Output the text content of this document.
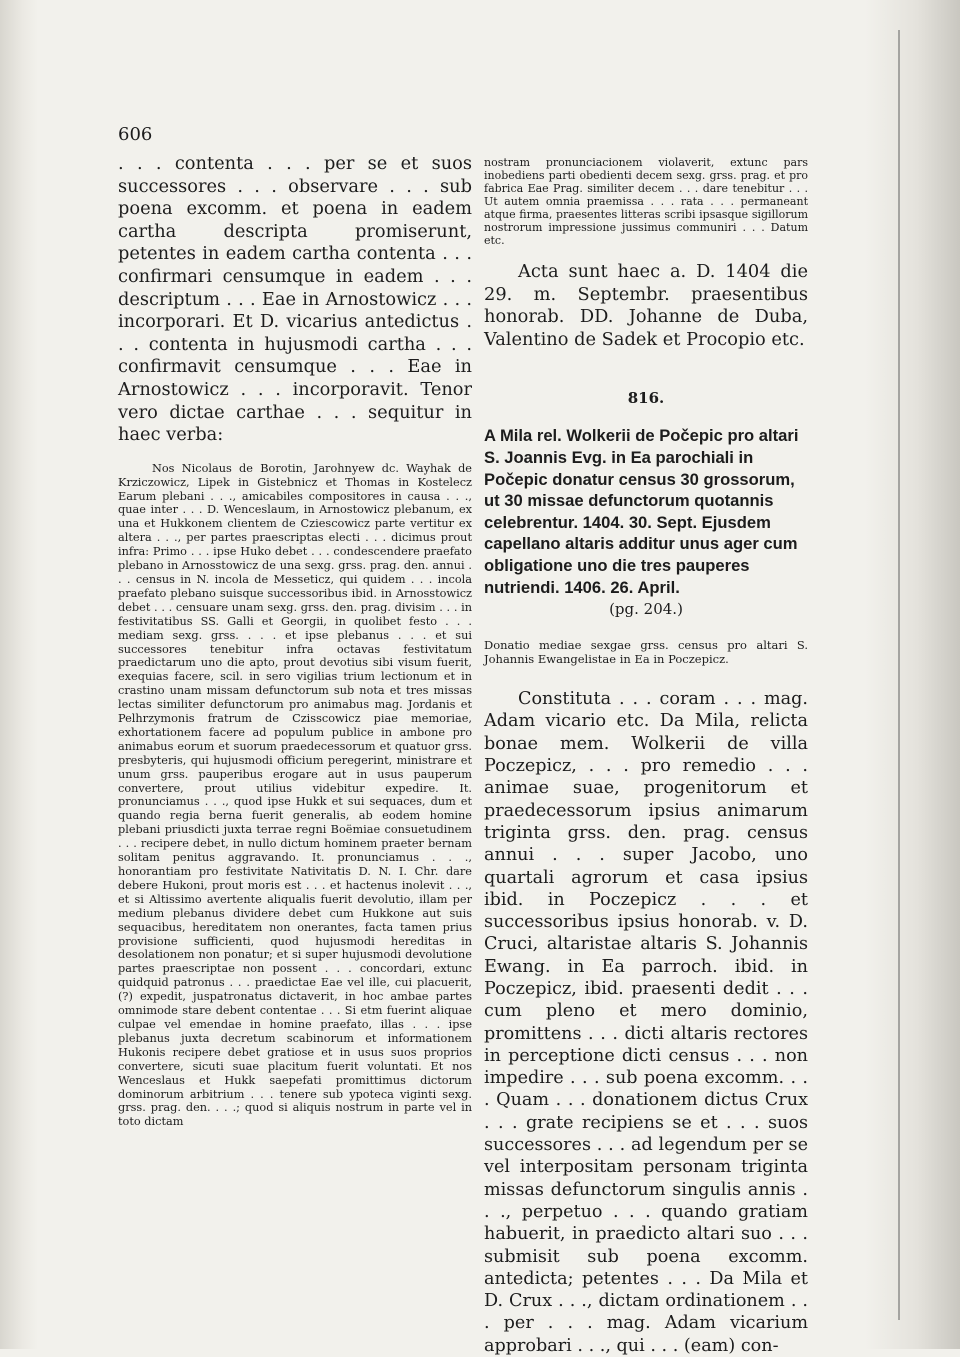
606

. . . contenta . . . per se et suos successores . . . observare . . . sub poena excomm. et poena in eadem cartha descripta promiserunt, petentes in eadem cartha contenta . . . confirmari censumque in eadem . . . descriptum . . . Eae in Arnostowicz . . . incorporari. Et D. vicarius antedictus . . . contenta in hujusmodi cartha . . . confirmavit censumque . . . Eae in Arnostowicz . . . incorporavit. Tenor vero dictae carthae . . . sequitur in haec verba:

Nos Nicolaus de Borotin, Jarohnyew dc. Wayhak de Krziczowicz, Lipek in Gistebnicz et Thomas in Kostelecz Earum plebani . . ., amicabiles compositores in causa . . ., quae inter . . . D. Wenceslaum, in Arnostowicz plebanum, ex una et Hukkonem clientem de Cziescowicz parte vertitur ex altera . . ., per partes praescriptas electi . . . dicimus prout infra: Primo . . . ipse Huko debet . . . condescendere praefato plebano in Arnosstowicz de una sexg. grss. prag. den. annui . . . census in N. incola de Messeticz, qui quidem . . . incola praefato plebano suisque successoribus ibid. in Arnosstowicz debet . . . censuare unam sexg. grss. den. prag. divisim . . . in festivitatibus SS. Galli et Georgii, in quolibet festo . . . mediam sexg. grss. . . . et ipse plebanus . . . et sui successores tenebitur infra octavas festivitatum praedictarum uno die apto, prout devotius sibi visum fuerit, exequias facere, scil. in sero vigilias trium lectionum et in crastino unam missam defunctorum sub nota et tres missas lectas similiter defunctorum pro animabus mag. Jordanis et Pelhrzymonis fratrum de Czisscowicz piae memoriae, exhortationem facere ad populum publice in ambone pro animabus eorum et suorum praedecessorum et quatuor grss. presbyteris, qui hujusmodi officium peregerint, ministrare et unum grss. pauperibus erogare aut in usus pauperum convertere, prout utilius videbitur expedire. It. pronunciamus . . ., quod ipse Hukk et sui sequaces, dum et quando regia berna fuerit generalis, ab eodem homine plebani priusdicti juxta terrae regni Boëmiae consuetudinem . . . recipere debet, in nullo dictum hominem praeter bernam solitam penitus aggravando. It. pronunciamus . . ., honorantiam pro festivitate Nativitatis D. N. I. Chr. dare debere Hukoni, prout moris est . . . et hactenus inolevit . . ., et si Altissimo avertente aliqualis fuerit devolutio, illam per medium plebanus dividere debet cum Hukkone aut suis sequacibus, hereditatem non onerantes, facta tamen prius provisione sufficienti, quod hujusmodi hereditas in desolationem non ponatur; et si super hujusmodi devolutione partes praescriptae non possent . . . concordari, extunc quidquid patronus . . . praedictae Eae vel ille, cui placuerit, (?) expedit, juspatronatus dictaverit, in hoc ambae partes omnimode stare debent contentae . . . Si etm fuerint aliquae culpae vel emendae in homine praefato, illas . . . ipse plebanus juxta decretum scabinorum et informationem Hukonis recipere debet gratiose et in usus suos proprios convertere, sicuti suae placitum fuerit voluntati. Et nos Wenceslaus et Hukk saepefati promittimus dictorum dominorum arbitrium . . . tenere sub ypoteca viginti sexg. grss. prag. den. . . .; quod si aliquis nostrum in parte vel in toto dictam

nostram pronunciacionem violaverit, extunc pars inobediens parti obedienti decem sexg. grss. prag. et pro fabrica Eae Prag. similiter decem . . . dare tenebitur . . . Ut autem omnia praemissa . . . rata . . . permaneant atque firma, praesentes litteras scribi ipsasque sigillorum nostrorum impressione jussimus communiri . . . Datum etc.

Acta sunt haec a. D. 1404 die 29. m. Septembr. praesentibus honorab. DD. Johanne de Duba, Valentino de Sadek et Procopio etc.

816.

A Mila rel. Wolkerii de Počepic pro altari S. Joannis Evg. in Ea parochiali in Počepic donatur census 30 grossorum, ut 30 missae defunctorum quotannis celebrentur. 1404. 30. Sept. Ejusdem capellano altaris additur unus ager cum obligatione uno die tres pauperes nutriendi. 1406. 26. April.

(pg. 204.)

Donatio mediae sexgae grss. census pro altari S. Johannis Ewangelistae in Ea in Poczepicz.

Constituta . . . coram . . . mag. Adam vicario etc. Da Mila, relicta bonae mem. Wolkerii de villa Poczepicz, . . . pro remedio . . . animae suae, progenitorum et praedecessorum ipsius animarum triginta grss. den. prag. census annui . . . super Jacobo, uno quartali agrorum et casa ipsius ibid. in Poczepicz . . . et successoribus ipsius honorab. v. D. Cruci, altaristae altaris S. Johannis Ewang. in Ea parroch. ibid. in Poczepicz, ibid. praesenti dedit . . . cum pleno et mero dominio, promittens . . . dicti altaris rectores in perceptione dicti census . . . non impedire . . . sub poena excomm. . . . Quam . . . donationem dictus Crux . . . grate recipiens se et . . . suos successores . . . ad legendum per se vel interpositam personam triginta missas defunctorum singulis annis . . ., perpetuo . . . quando gratiam habuerit, in praedicto altari suo . . . submisit sub poena excomm. antedicta; petentes . . . Da Mila et D. Crux . . ., dictam ordinationem . . . per . . . mag. Adam vicarium approbari . . ., qui . . . (eam) con-
